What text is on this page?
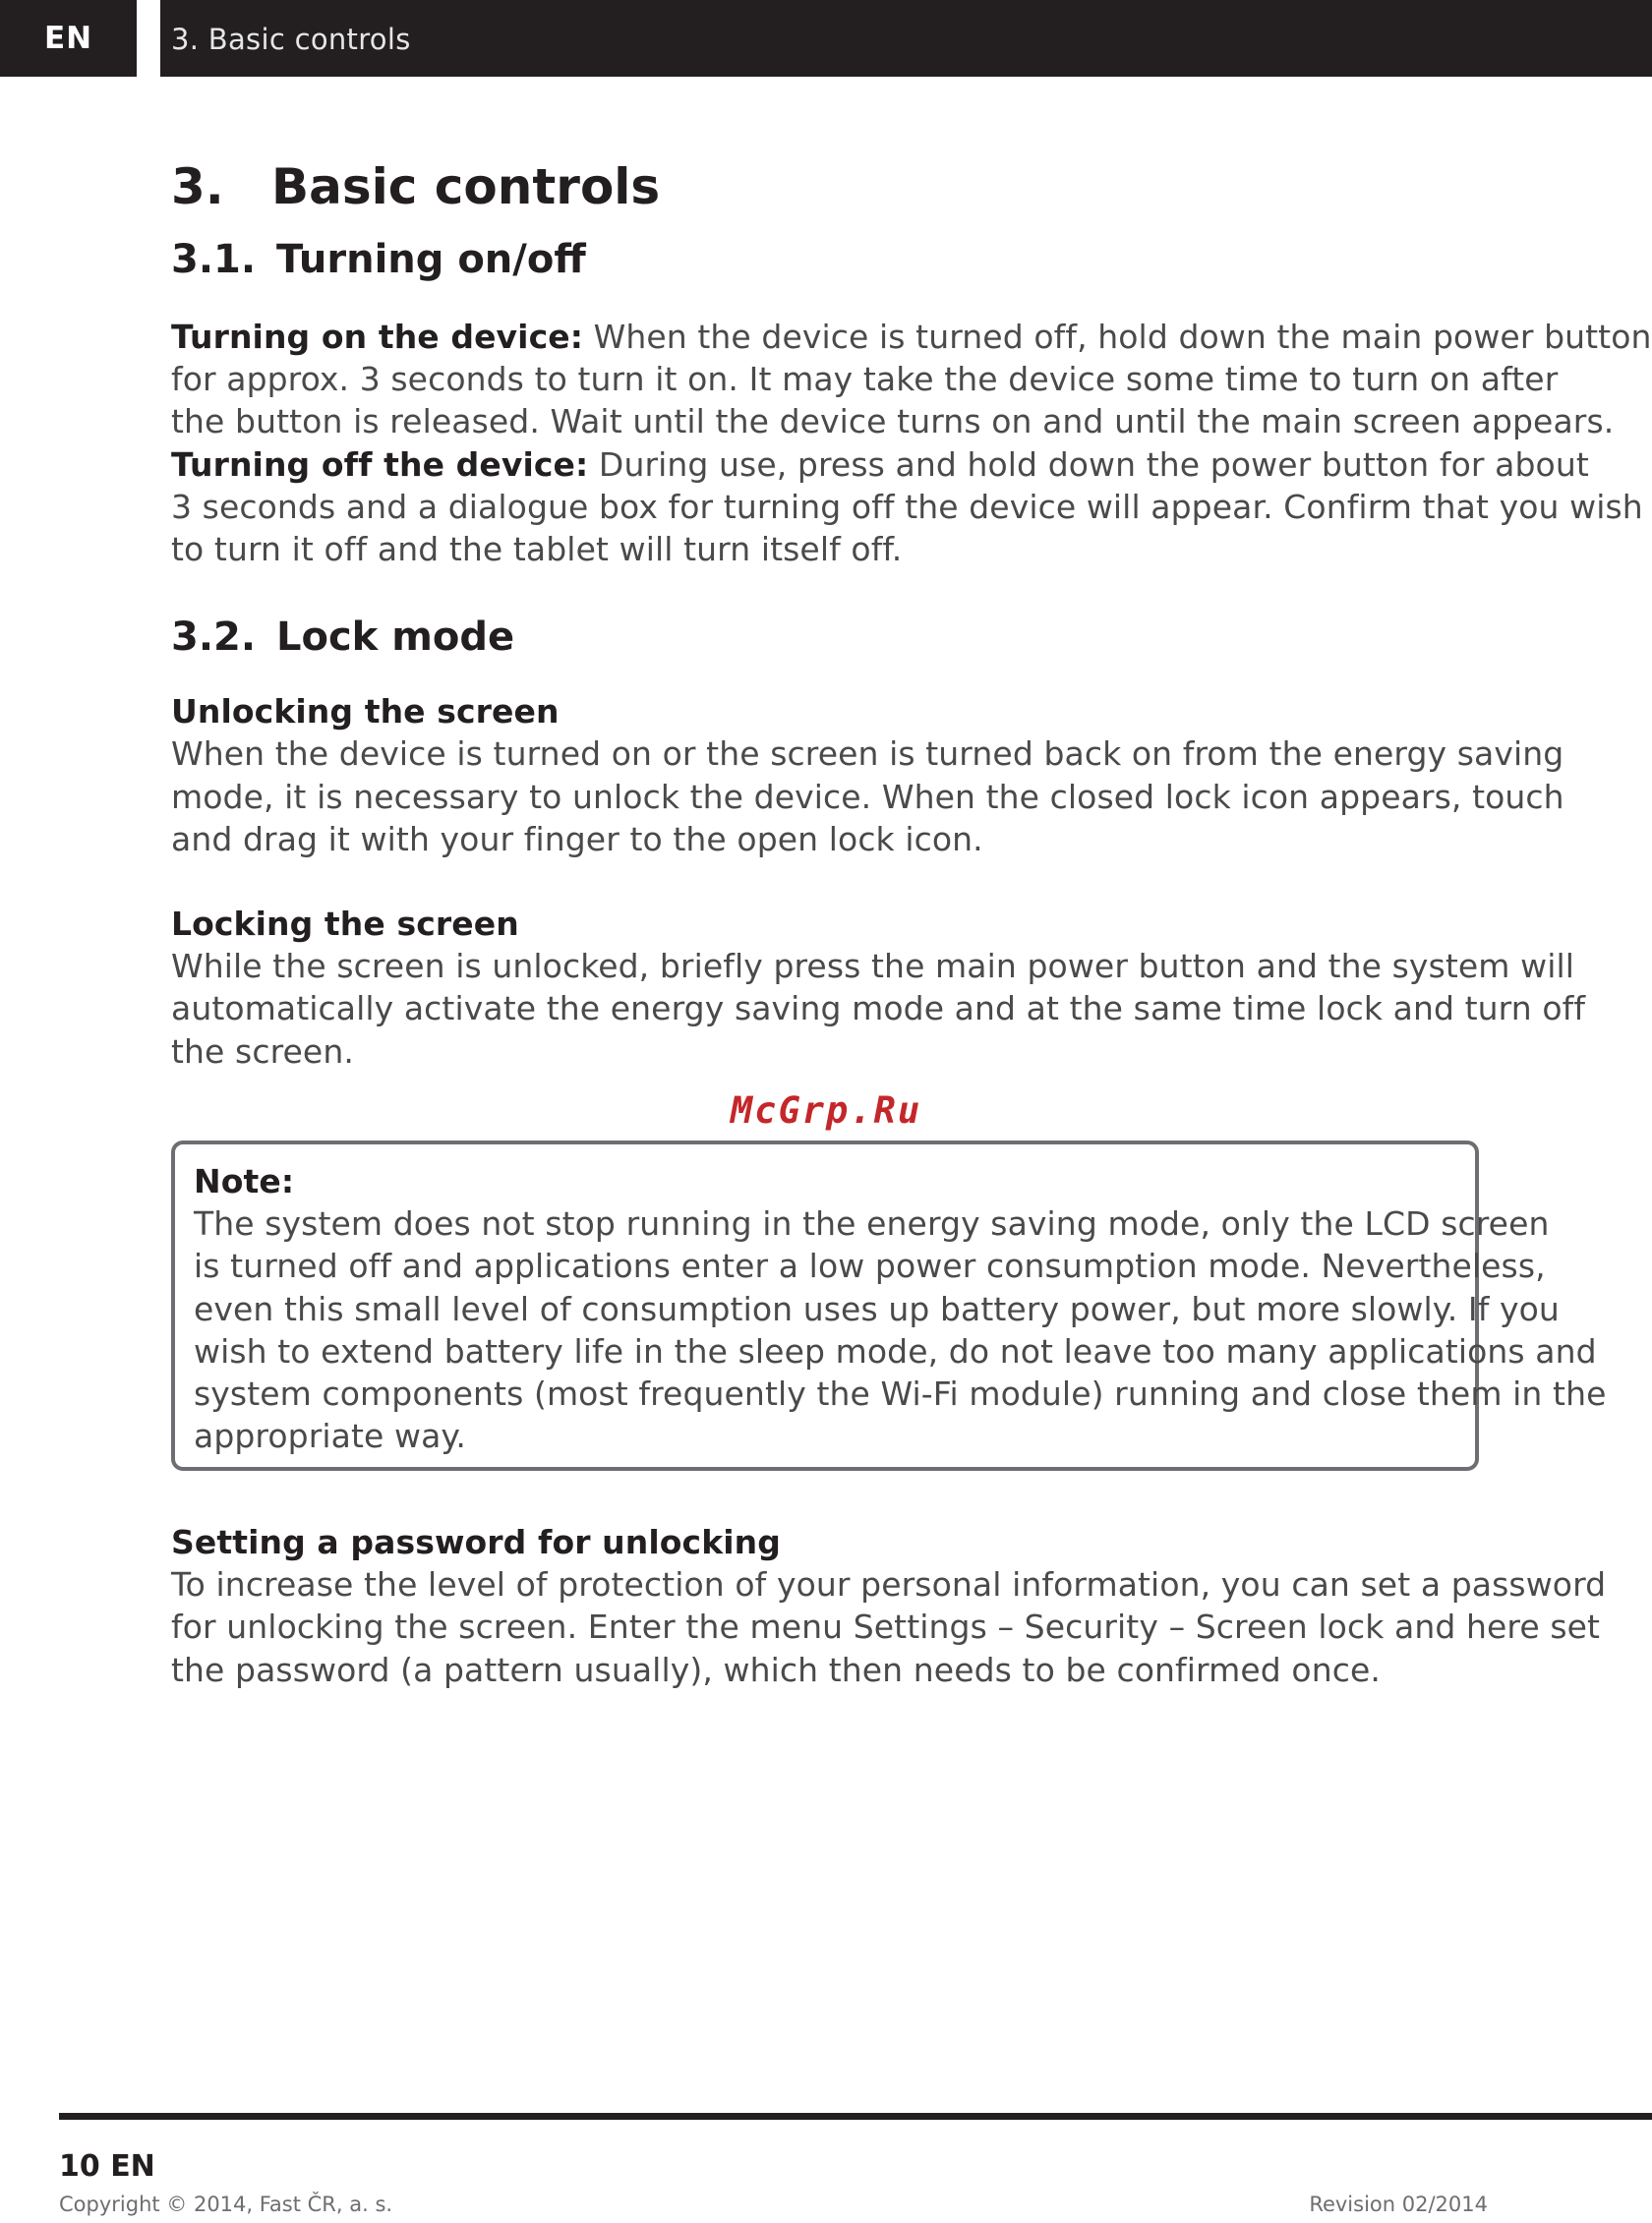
EN	3. Basic controls
3. Basic controls
3.1. Turning on/off

Turning on the device: When the device is turned off, hold down the main power button
for approx. 3 seconds to turn it on. It may take the device some time to turn on after
the button is released. Wait until the device turns on and until the main screen appears.
Turning off the device: During use, press and hold down the power button for about
3 seconds and a dialogue box for turning off the device will appear. Confirm that you wish
to turn it off and the tablet will turn itself off.

3.2. Lock mode

Unlocking the screen
When the device is turned on or the screen is turned back on from the energy saving
mode, it is necessary to unlock the device. When the closed lock icon appears, touch
and drag it with your finger to the open lock icon.

Locking the screen
While the screen is unlocked, briefly press the main power button and the system will
automatically activate the energy saving mode and at the same time lock and turn off
the screen.

McGrp.Ru
Note:
The system does not stop running in the energy saving mode, only the LCD screen
is turned off and applications enter a low power consumption mode. Nevertheless,
even this small level of consumption uses up battery power, but more slowly. If you
wish to extend battery life in the sleep mode, do not leave too many applications and
system components (most frequently the Wi-Fi module) running and close them in the
appropriate way.

Setting a password for unlocking
To increase the level of protection of your personal information, you can set a password
for unlocking the screen. Enter the menu Settings – Security – Screen lock and here set
the password (a pattern usually), which then needs to be confirmed once.

10 EN
Copyright © 2014, Fast ČR, a. s.	Revision 02/2014
